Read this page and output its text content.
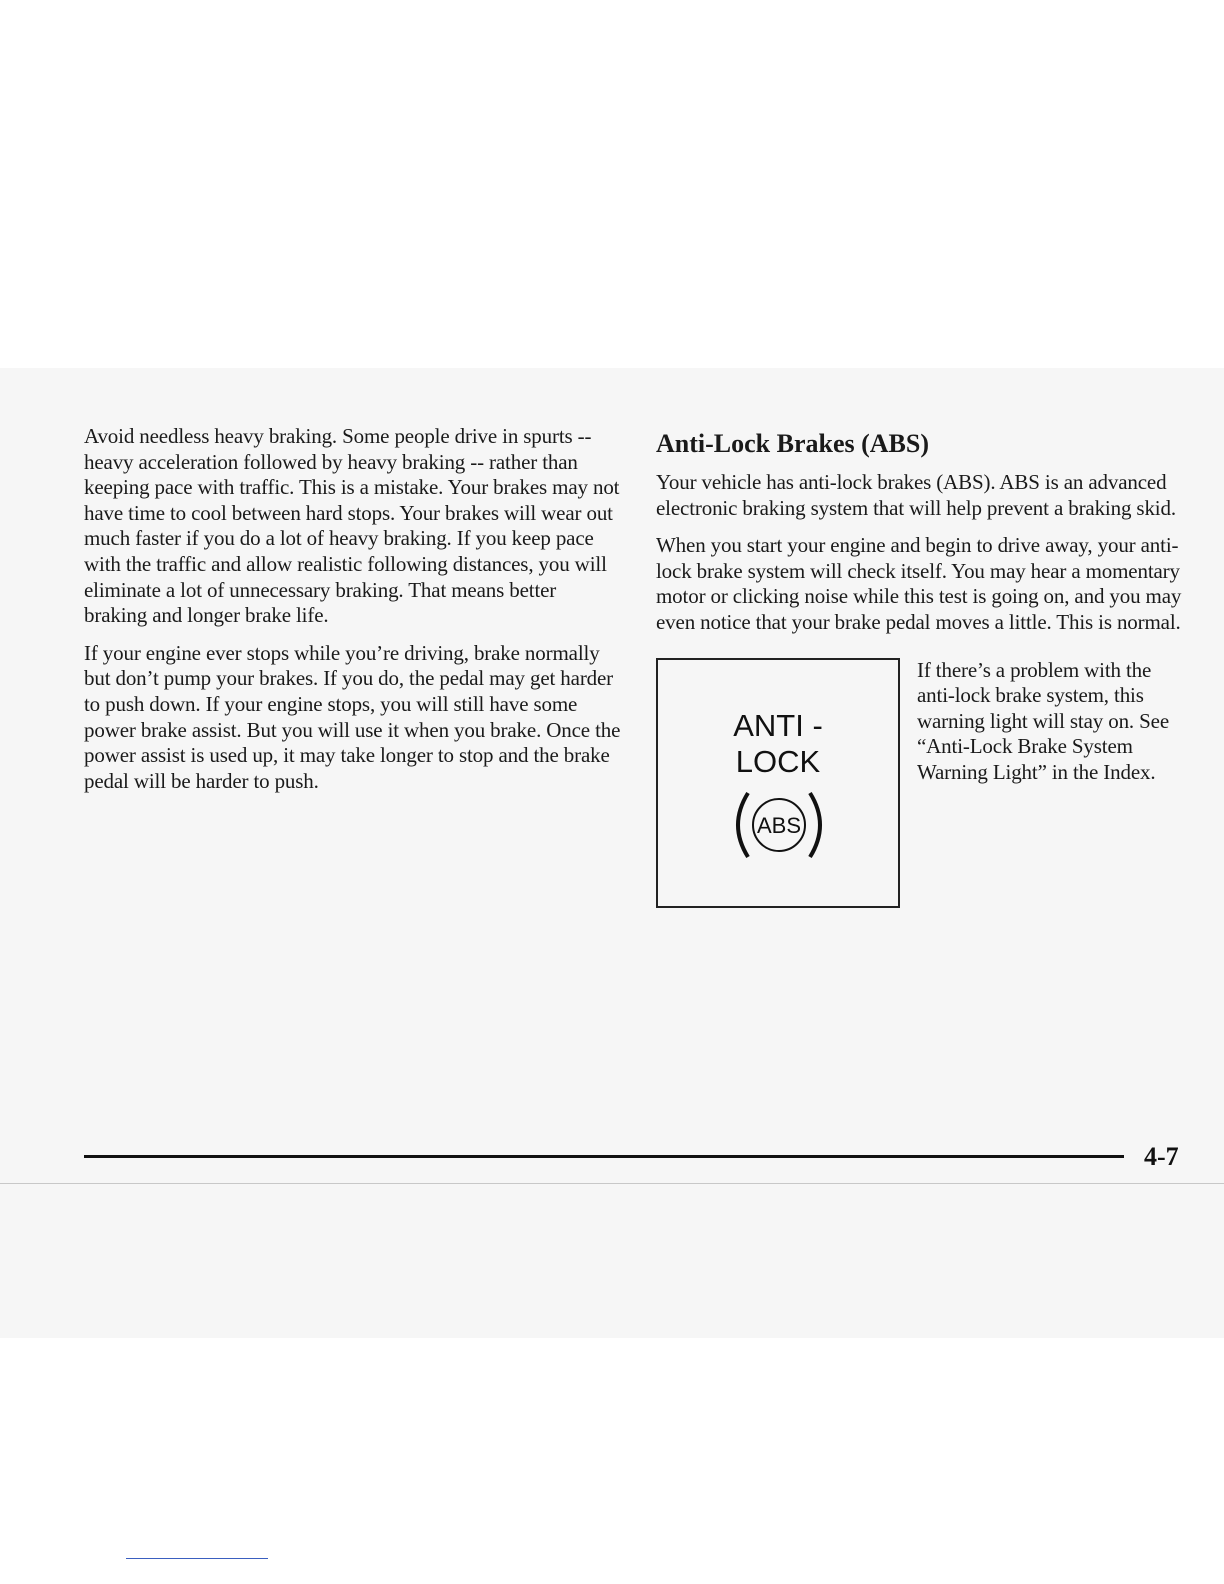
Avoid needless heavy braking. Some people drive in spurts -- heavy acceleration followed by heavy braking -- rather than keeping pace with traffic. This is a mistake. Your brakes may not have time to cool between hard stops. Your brakes will wear out much faster if you do a lot of heavy braking. If you keep pace with the traffic and allow realistic following distances, you will eliminate a lot of unnecessary braking. That means better braking and longer brake life.

If your engine ever stops while you’re driving, brake normally but don’t pump your brakes. If you do, the pedal may get harder to push down. If your engine stops, you will still have some power brake assist. But you will use it when you brake. Once the power assist is used up, it may take longer to stop and the brake pedal will be harder to push.

Anti-Lock Brakes (ABS)

Your vehicle has anti-lock brakes (ABS). ABS is an advanced electronic braking system that will help prevent a braking skid.

When you start your engine and begin to drive away, your anti-lock brake system will check itself. You may hear a momentary motor or clicking noise while this test is going on, and you may even notice that your brake pedal moves a little. This is normal.

ANTI -
LOCK
ABS

If there’s a problem with the anti-lock brake system, this warning light will stay on. See “Anti-Lock Brake System Warning Light” in the Index.

4-7
